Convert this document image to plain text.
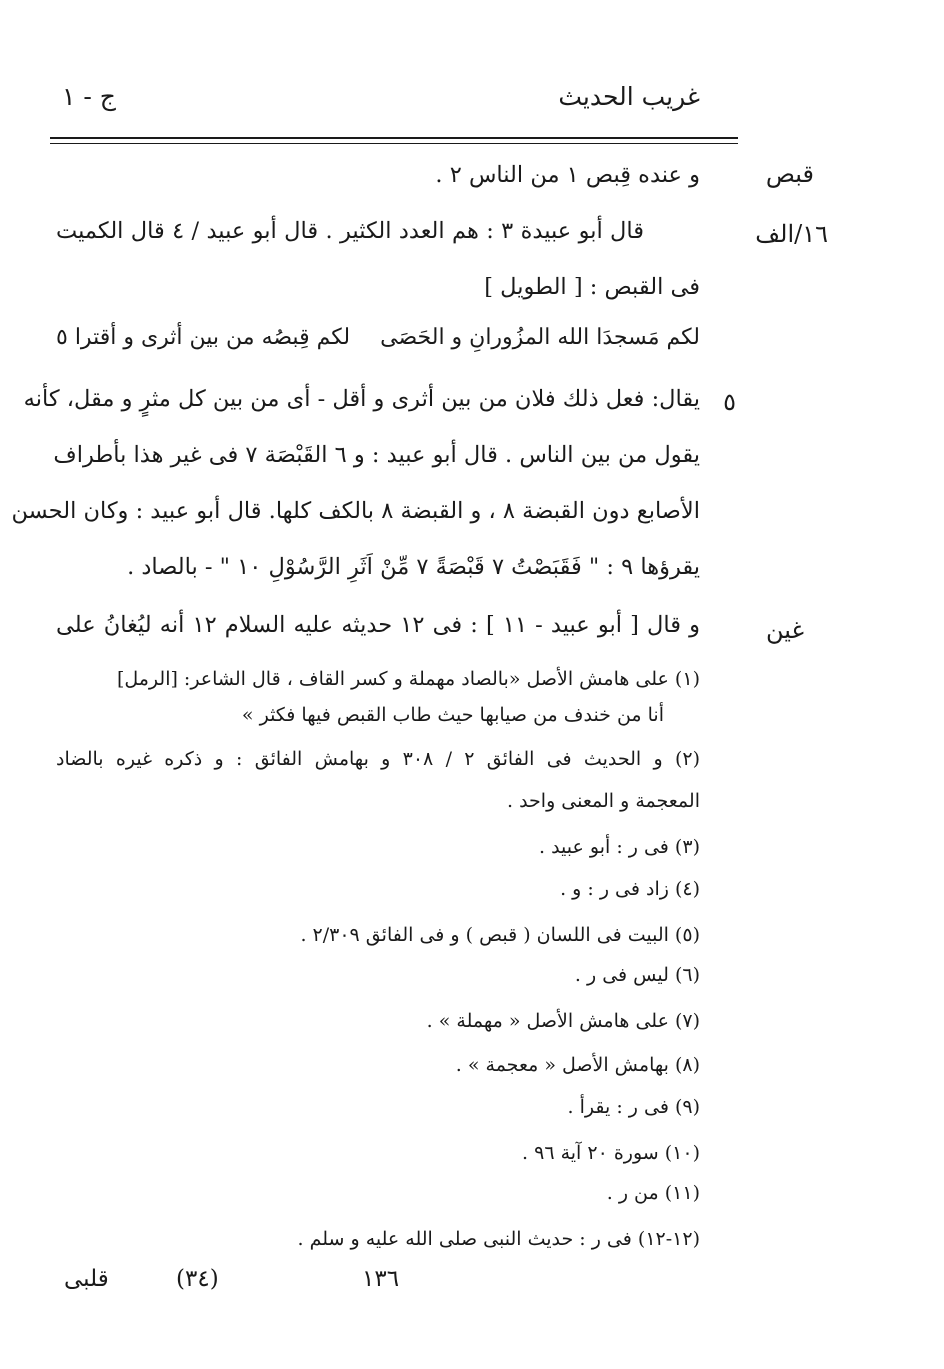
غريب الحديث
ج - ١
قبص
١٦/الف
٥
غين
و عنده قِبص ١ من الناس ٢ .
قال أبو عبيدة ٣ : هم العدد الكثير . قال أبو عبيد / ٤ قال الكميت
فى القبص : [ الطويل ]
لكم مَسجدَا الله المزُورانِ و الحَصَى
لكم قِبصُه من بين أثرى و أقترا ٥
يقال: فعل ذلك فلان من بين أثرى و أقل - أى من بين كل مثرٍ و مقل، كأنه
يقول من بين الناس . قال أبو عبيد : و ٦ القَبْصَة ٧ فى غير هذا بأطراف
الأصابع دون القبضة ٨ ، و القبضة ٨ بالكف كلها. قال أبو عبيد : وكان الحسن
يقرؤها ٩ : " فَقَبَصْتُ ٧ قَبْصَةً ٧ مِّنْ اَثَرِ الرَّسُوْلِ ١٠ " - بالصاد .
و قال [ أبو عبيد - ١١ ] : فى ١٢ حديثه عليه السلام ١٢ أنه ليُغانُ على
(١) على هامش الأصل «بالصاد مهملة و كسر القاف ، قال الشاعر: [الرمل]
أنا من خندف من صيابها حيث طاب القبص فيها فكثر »
(٢) و الحديث فى الفائق ٢ / ٣٠٨ و بهامش الفائق : و ذكره غيره بالضاد
المعجمة و المعنى واحد .
(٣) فى ر : أبو عبيد .
(٤) زاد فى ر : و .
(٥) البيت فى اللسان ( قبص ) و فى الفائق ٢/٣٠٩ .
(٦) ليس فى ر .
(٧) على هامش الأصل « مهملة » .
(٨) بهامش الأصل « معجمة » .
(٩) فى ر : يقرأ .
(١٠) سورة ٢٠ آية ٩٦ .
(١١) من ر .
(١٢-١٢) فى ر : حديث النبى صلى الله عليه و سلم .
١٣٦
(٣٤)
قلبى
